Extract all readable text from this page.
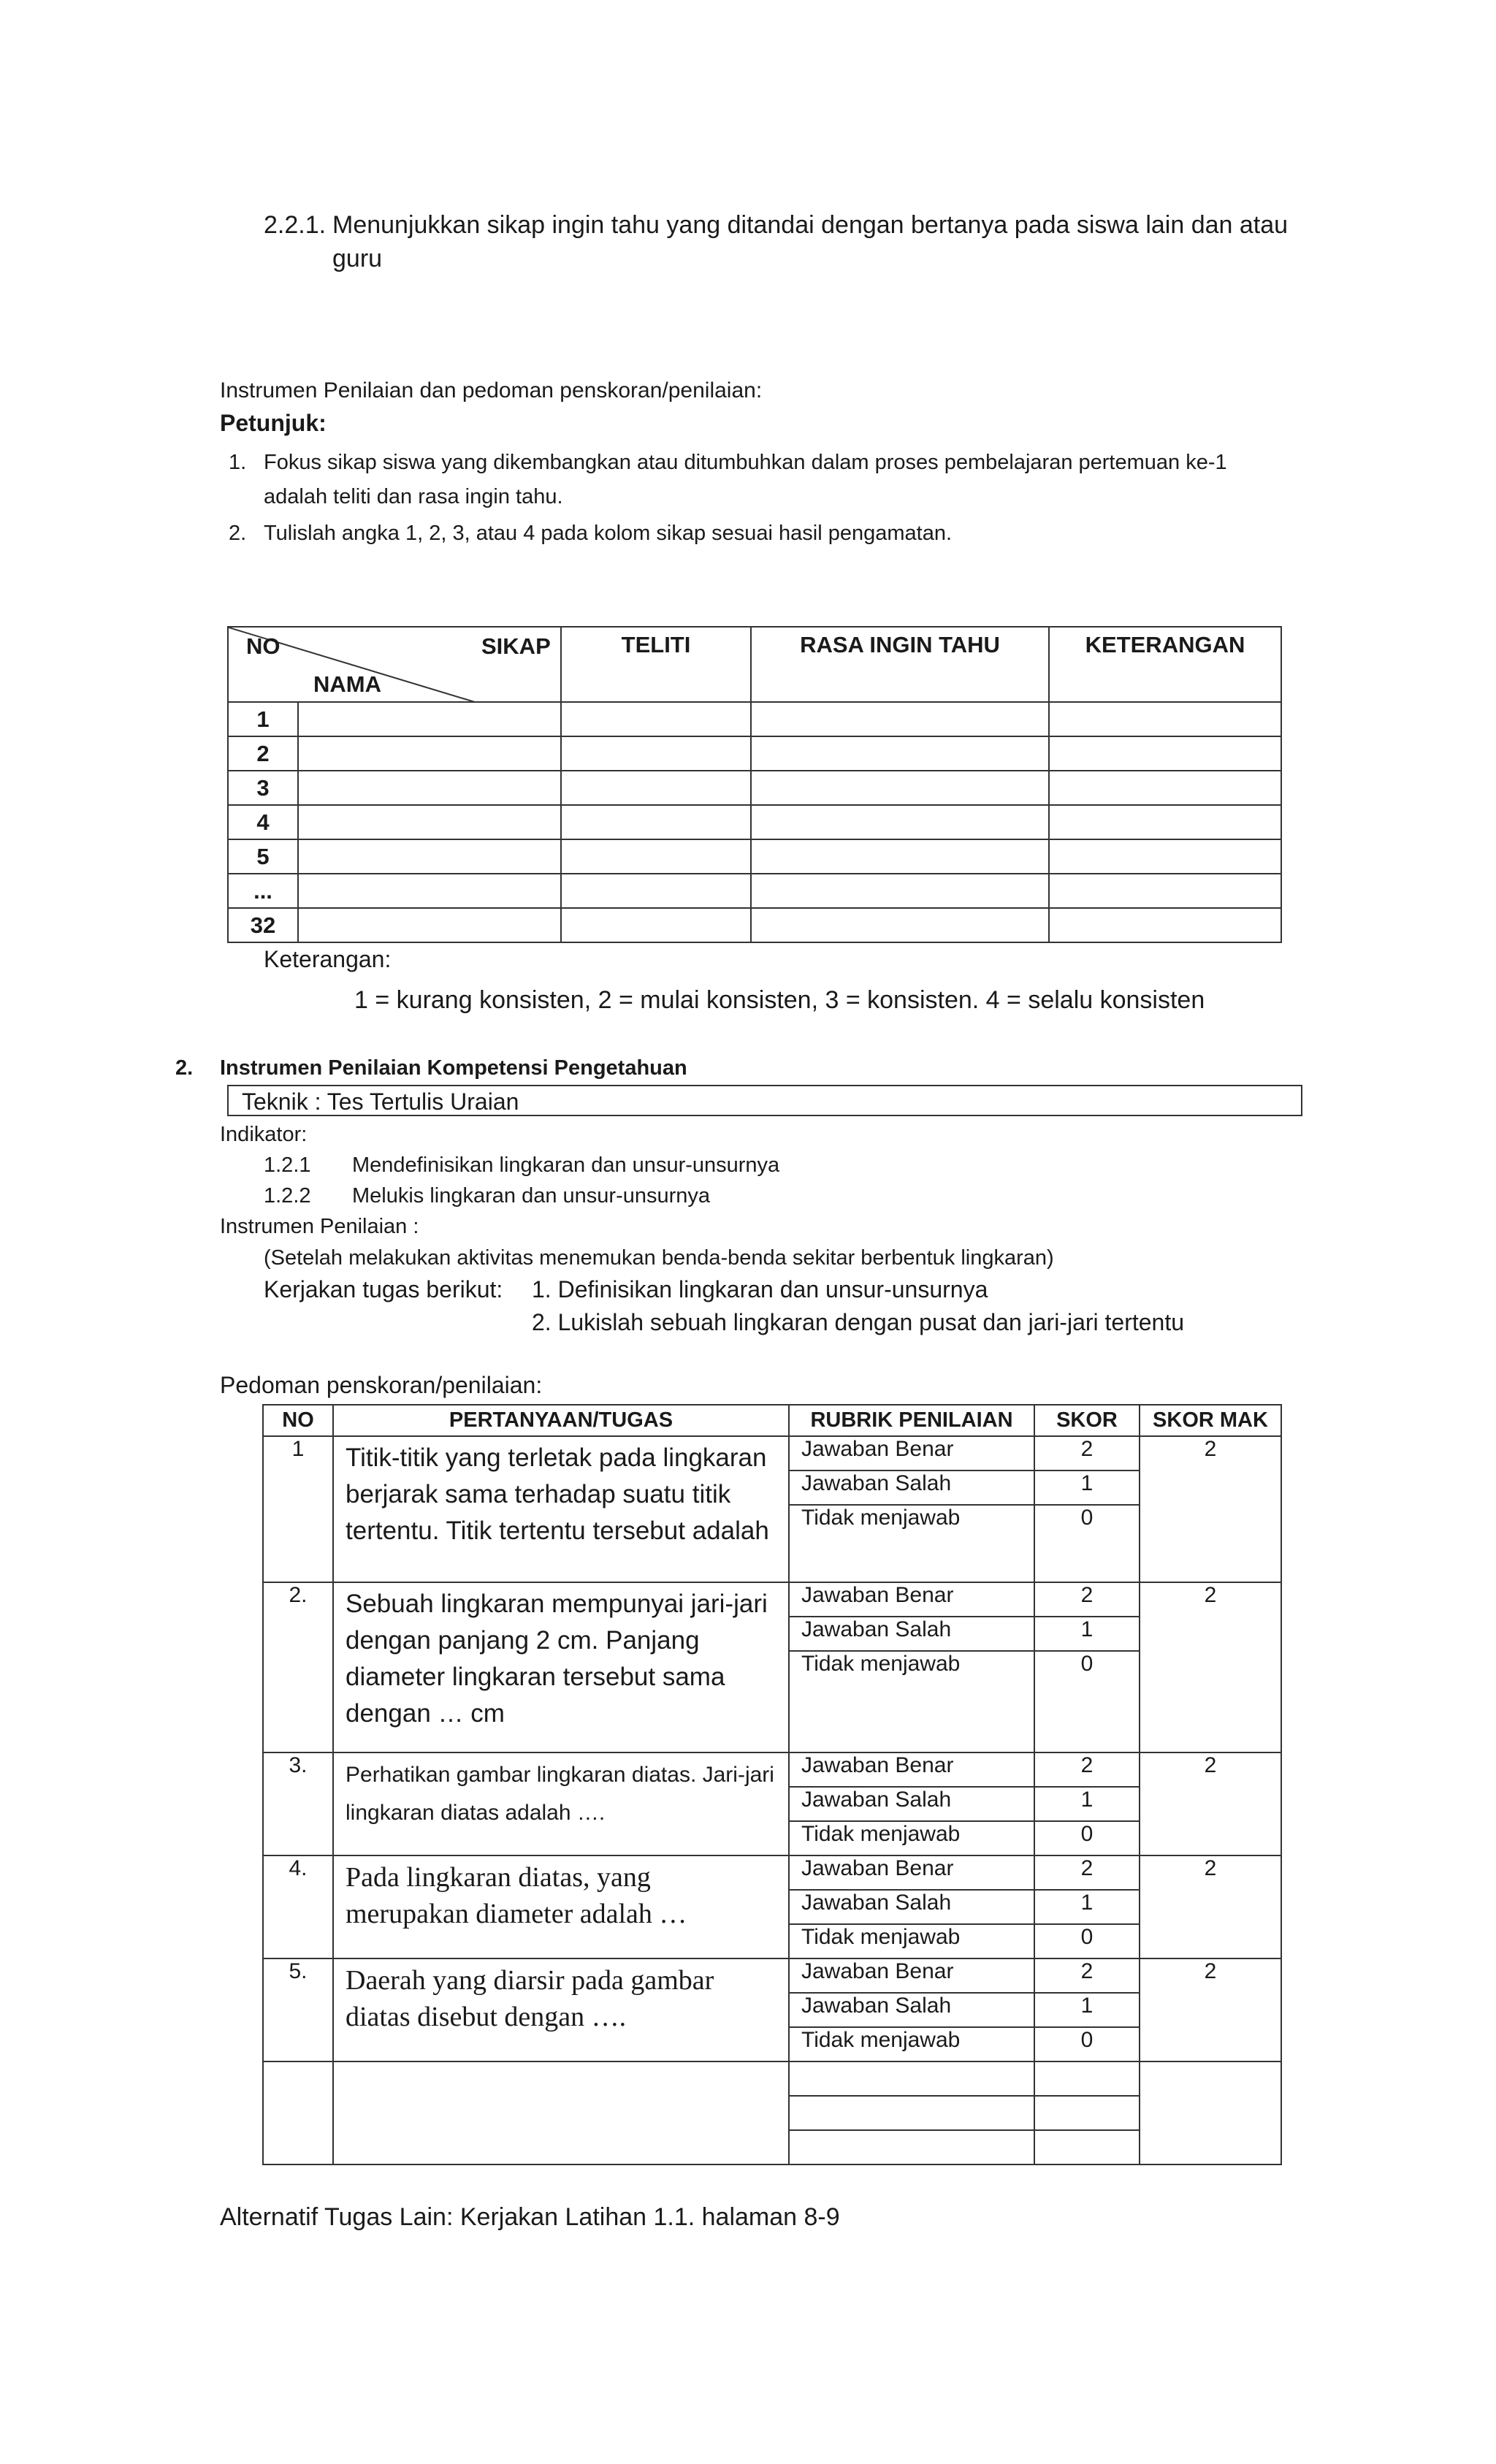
2.2.1. Menunjukkan sikap ingin tahu yang ditandai dengan bertanya pada siswa lain dan atau
guru
Instrumen Penilaian dan pedoman penskoran/penilaian:
Petunjuk:
1. Fokus sikap siswa yang dikembangkan atau ditumbuhkan dalam proses pembelajaran pertemuan ke-1
adalah teliti dan rasa ingin tahu.
2. Tulislah angka 1, 2, 3, atau 4 pada kolom sikap sesuai hasil pengamatan.
NO SIKAP
NAMA		TELITI	RASA INGIN TAHU	KETERANGAN
1				
2				
3				
4				
5				
...				
32				
Keterangan:
1 = kurang konsisten, 2 = mulai konsisten, 3 = konsisten. 4 = selalu konsisten
2. Instrumen Penilaian Kompetensi Pengetahuan
Teknik : Tes Tertulis Uraian
Indikator:
1.2.1 Mendefinisikan lingkaran dan unsur-unsurnya
1.2.2 Melukis lingkaran dan unsur-unsurnya
Instrumen Penilaian :
(Setelah melakukan aktivitas menemukan benda-benda sekitar berbentuk lingkaran)
Kerjakan tugas berikut: 1. Definisikan lingkaran dan unsur-unsurnya
2. Lukislah sebuah lingkaran dengan pusat dan jari-jari tertentu
Pedoman penskoran/penilaian:
NO	PERTANYAAN/TUGAS	RUBRIK PENILAIAN	SKOR	SKOR MAK
1	Titik-titik yang terletak pada lingkaran berjarak sama terhadap suatu titik tertentu. Titik tertentu tersebut adalah	Jawaban Benar	2	2
		Jawaban Salah	1	
		Tidak menjawab	0	
2.	Sebuah lingkaran mempunyai jari-jari dengan panjang 2 cm. Panjang diameter lingkaran tersebut sama dengan … cm	Jawaban Benar	2	2
		Jawaban Salah	1	
		Tidak menjawab	0	
3.	Perhatikan gambar lingkaran diatas. Jari-jari lingkaran diatas adalah ….	Jawaban Benar	2	2
		Jawaban Salah	1	
		Tidak menjawab	0	
4.	Pada lingkaran diatas, yang merupakan diameter adalah …	Jawaban Benar	2	2
		Jawaban Salah	1	
		Tidak menjawab	0	
5.	Daerah yang diarsir pada gambar diatas disebut dengan ….	Jawaban Benar	2	2
		Jawaban Salah	1	
		Tidak menjawab	0	

Alternatif Tugas Lain: Kerjakan Latihan 1.1. halaman 8-9
